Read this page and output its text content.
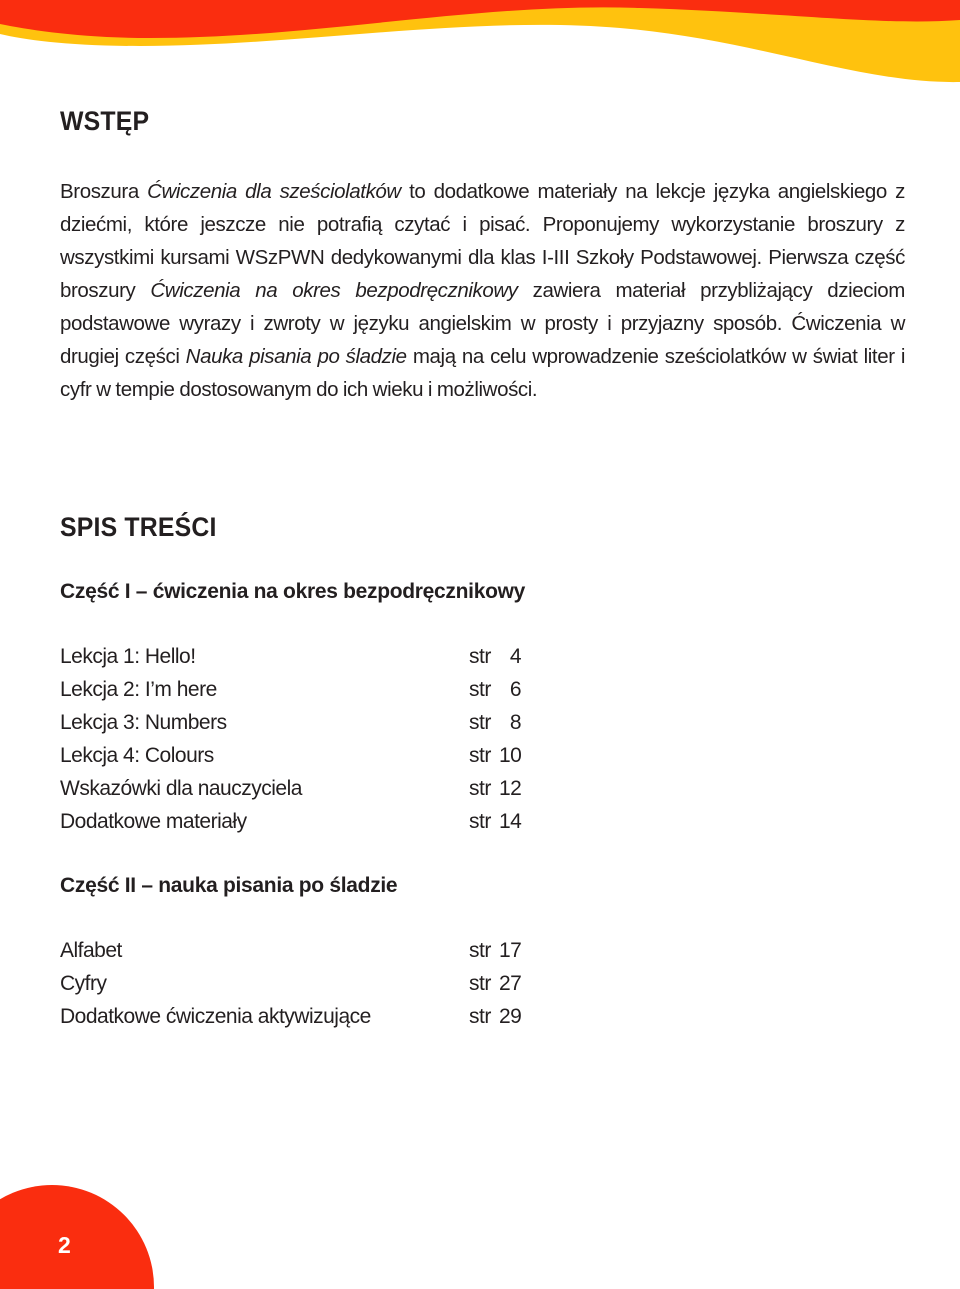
WSTĘP

Broszura Ćwiczenia dla sześciolatków to dodatkowe materiały na lekcje języka angielskiego z dziećmi, które jeszcze nie potrafią czytać i pisać. Proponujemy wykorzystanie broszury z wszystkimi kursami WSzPWN dedykowanymi dla klas I-III Szkoły Podstawowej. Pierwsza część broszury Ćwiczenia na okres bezpodręcznikowy zawiera materiał przybliżający dzieciom podstawowe wyrazy i zwroty w języku angielskim w prosty i przyjazny sposób. Ćwiczenia w drugiej części Nauka pisania po śladzie mają na celu wprowadzenie sześciolatków w świat liter i cyfr w tempie dostosowanym do ich wieku i możliwości.

SPIS TREŚCI
Część I – ćwiczenia na okres bezpodręcznikowy
Lekcja 1: Hello!	str 4
Lekcja 2: I’m here	str 6
Lekcja 3: Numbers	str 8
Lekcja 4: Colours	str 10
Wskazówki dla nauczyciela	str 12
Dodatkowe materiały	str 14
Część II – nauka pisania po śladzie
Alfabet	str 17
Cyfry	str 27
Dodatkowe ćwiczenia aktywizujące	str 29
2
